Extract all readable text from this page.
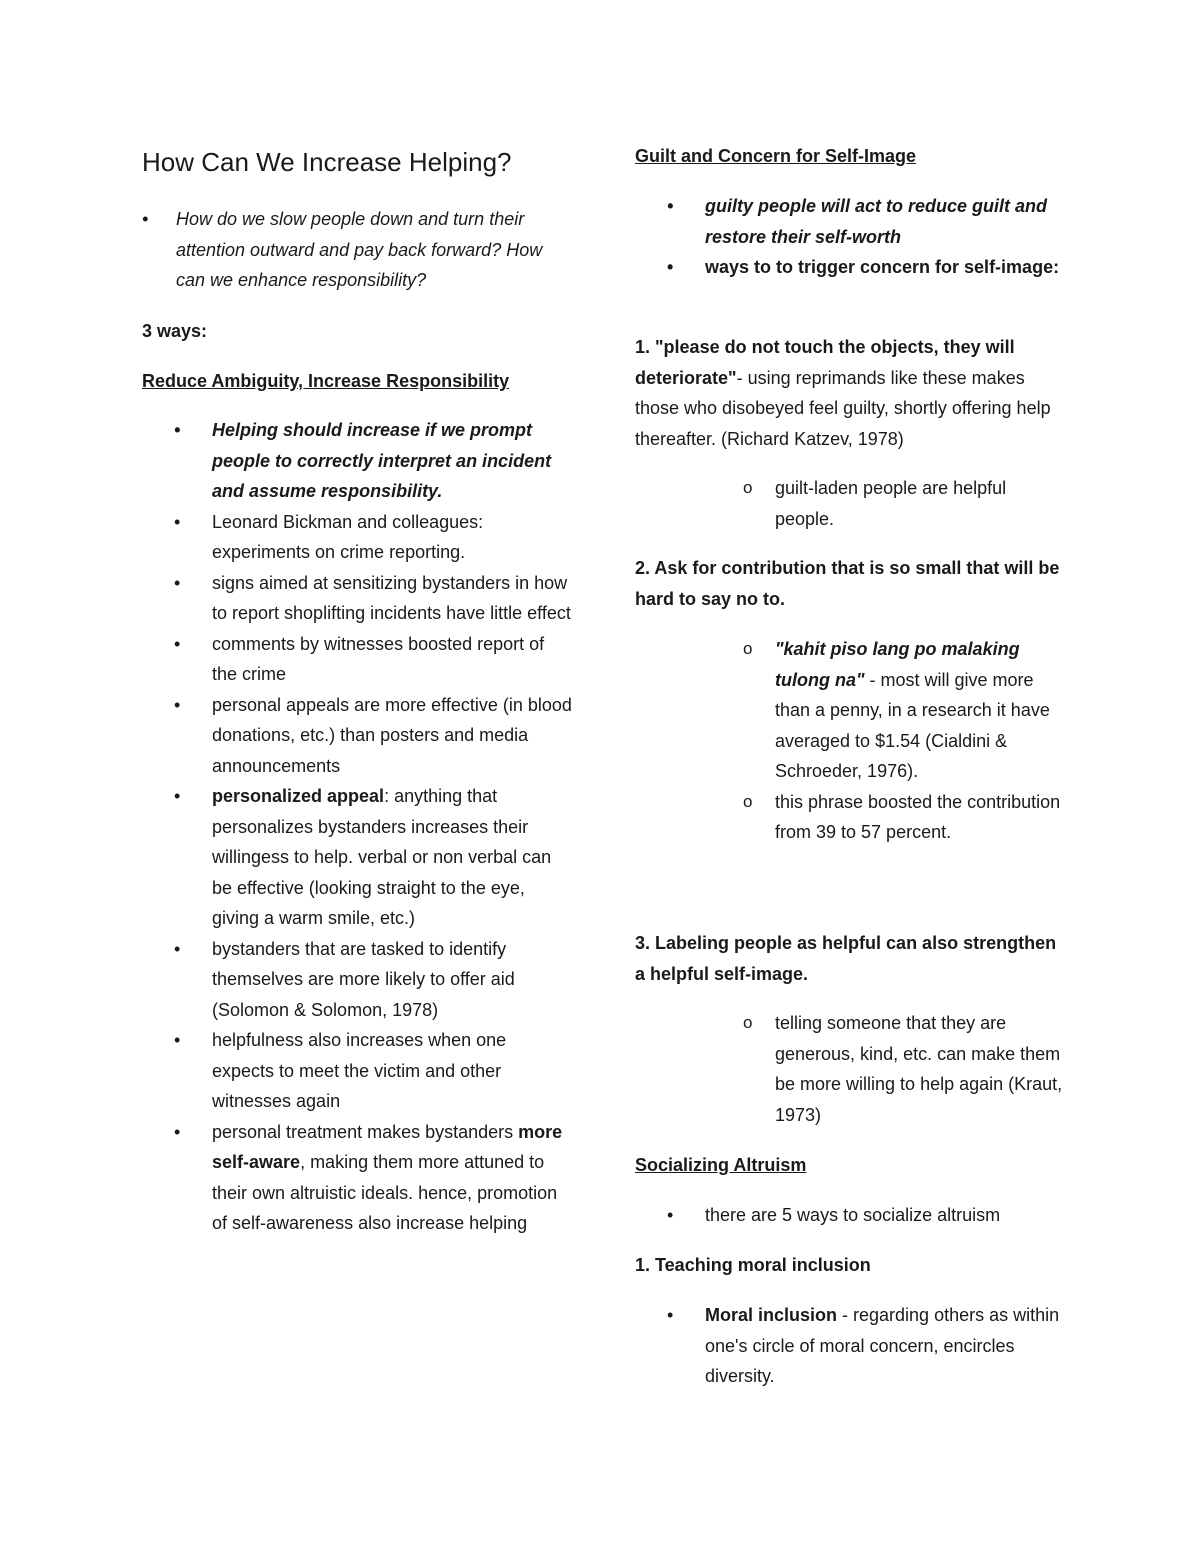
How Can We Increase Helping?
• How do we slow people down and turn their attention outward and pay back forward? How can we enhance responsibility?

3 ways:

Reduce Ambiguity, Increase Responsibility

• Helping should increase if we prompt people to correctly interpret an incident and assume responsibility.
• Leonard Bickman and colleagues: experiments on crime reporting.
• signs aimed at sensitizing bystanders in how to report shoplifting incidents have little effect
• comments by witnesses boosted report of the crime
• personal appeals are more effective (in blood donations, etc.) than posters and media announcements
• personalized appeal: anything that personalizes bystanders increases their willingess to help. verbal or non verbal can be effective (looking straight to the eye, giving a warm smile, etc.)
• bystanders that are tasked to identify themselves are more likely to offer aid (Solomon & Solomon, 1978)
• helpfulness also increases when one expects to meet the victim and other witnesses again
• personal treatment makes bystanders more self-aware, making them more attuned to their own altruistic ideals. hence, promotion of self-awareness also increase helping

Guilt and Concern for Self-Image

• guilty people will act to reduce guilt and restore their self-worth
• ways to to trigger concern for self-image:

1. "please do not touch the objects, they will deteriorate"- using reprimands like these makes those who disobeyed feel guilty, shortly offering help thereafter. (Richard Katzev, 1978)

o guilt-laden people are helpful people.

2. Ask for contribution that is so small that will be hard to say no to.

o "kahit piso lang po malaking tulong na" - most will give more than a penny, in a research it have averaged to $1.54 (Cialdini & Schroeder, 1976).
o this phrase boosted the contribution from 39 to 57 percent.

3. Labeling people as helpful can also strengthen a helpful self-image.

o telling someone that they are generous, kind, etc. can make them be more willing to help again (Kraut, 1973)

Socializing Altruism

• there are 5 ways to socialize altruism

1. Teaching moral inclusion

• Moral inclusion - regarding others as within one's circle of moral concern, encircles diversity.
